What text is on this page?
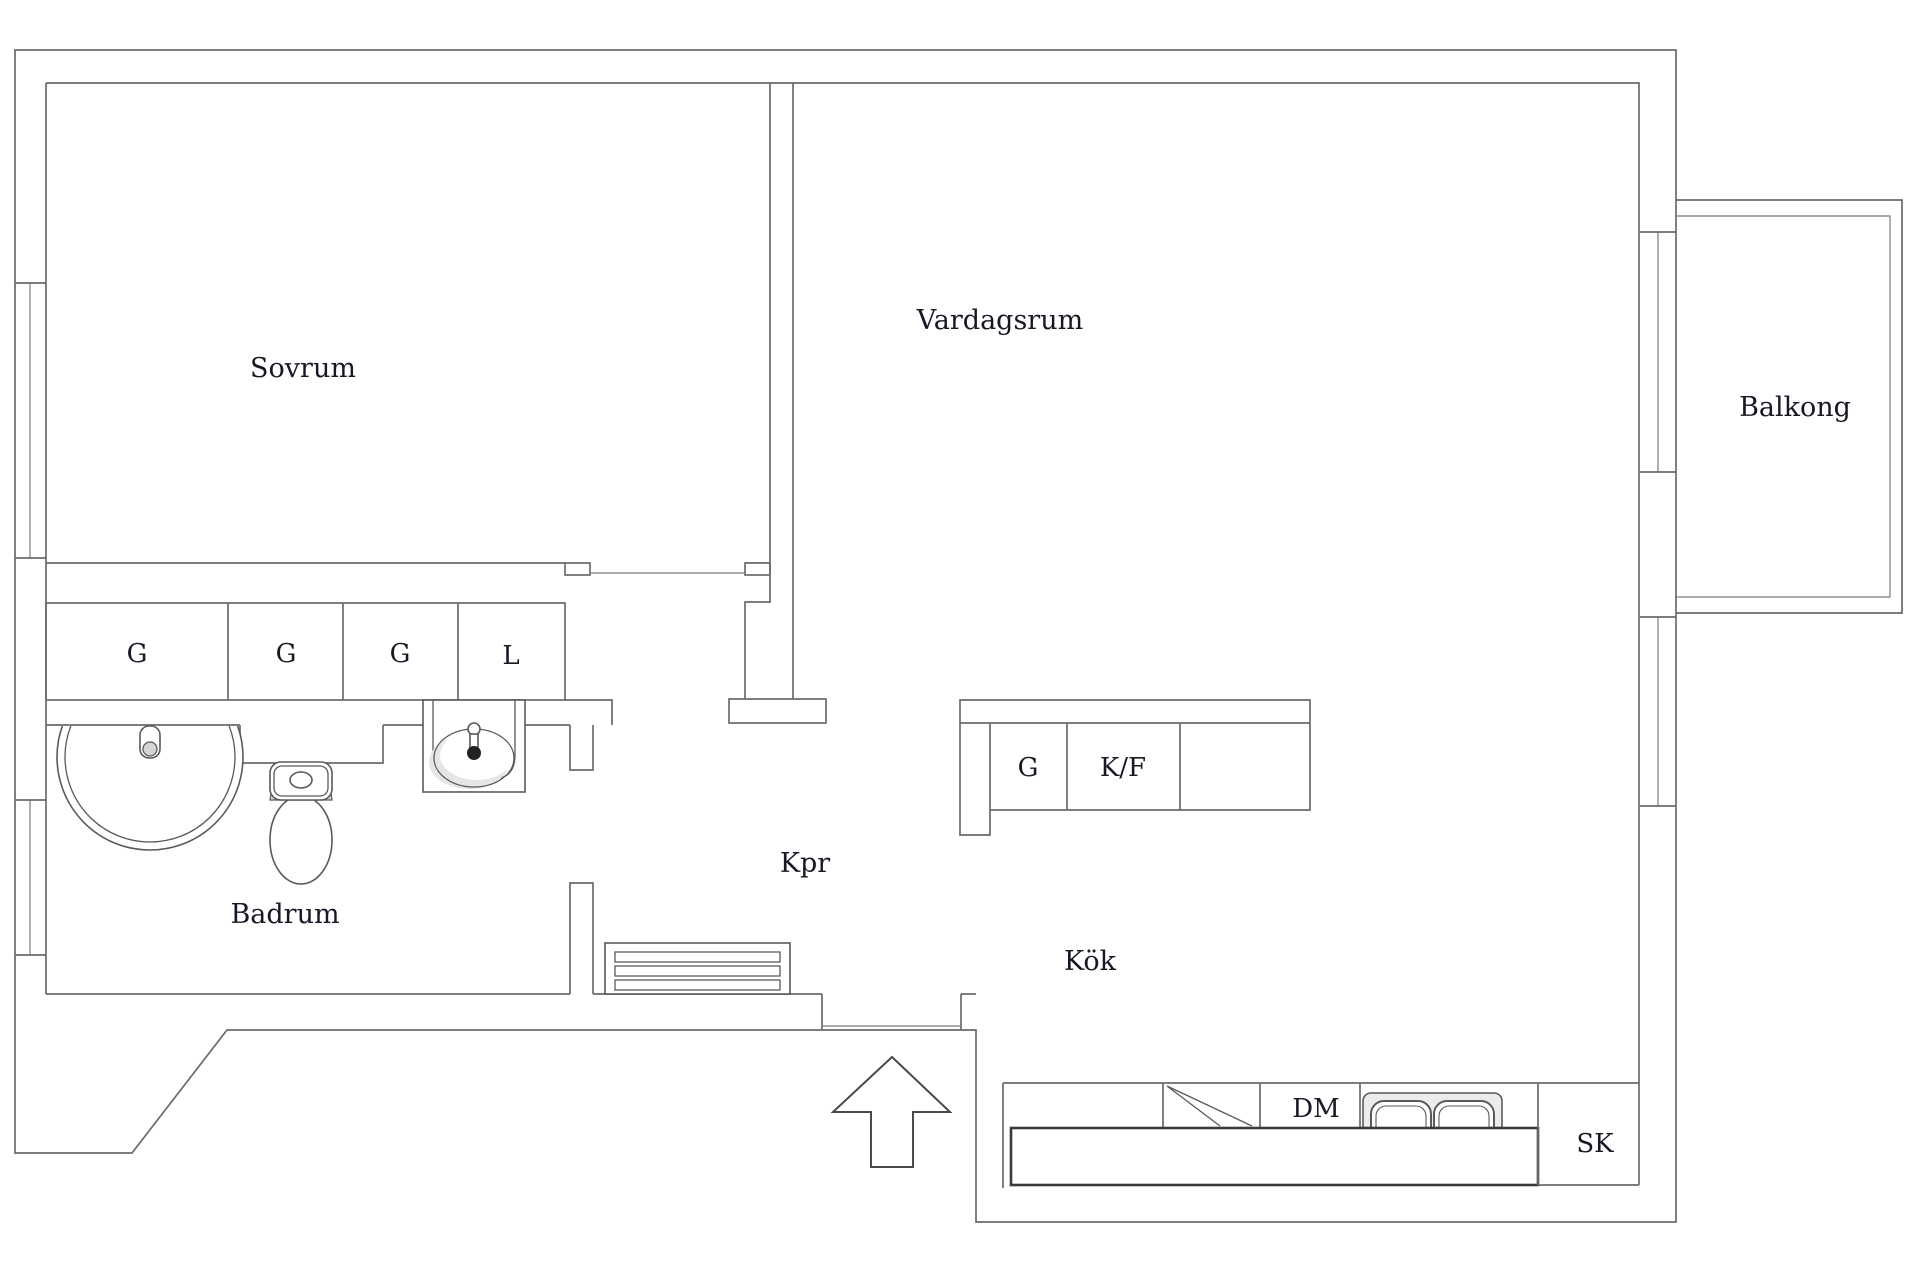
Sovrum
Vardagsrum
Balkong
Badrum
Kpr
Kök
G	G	G	L
G K/F
DM
SK
